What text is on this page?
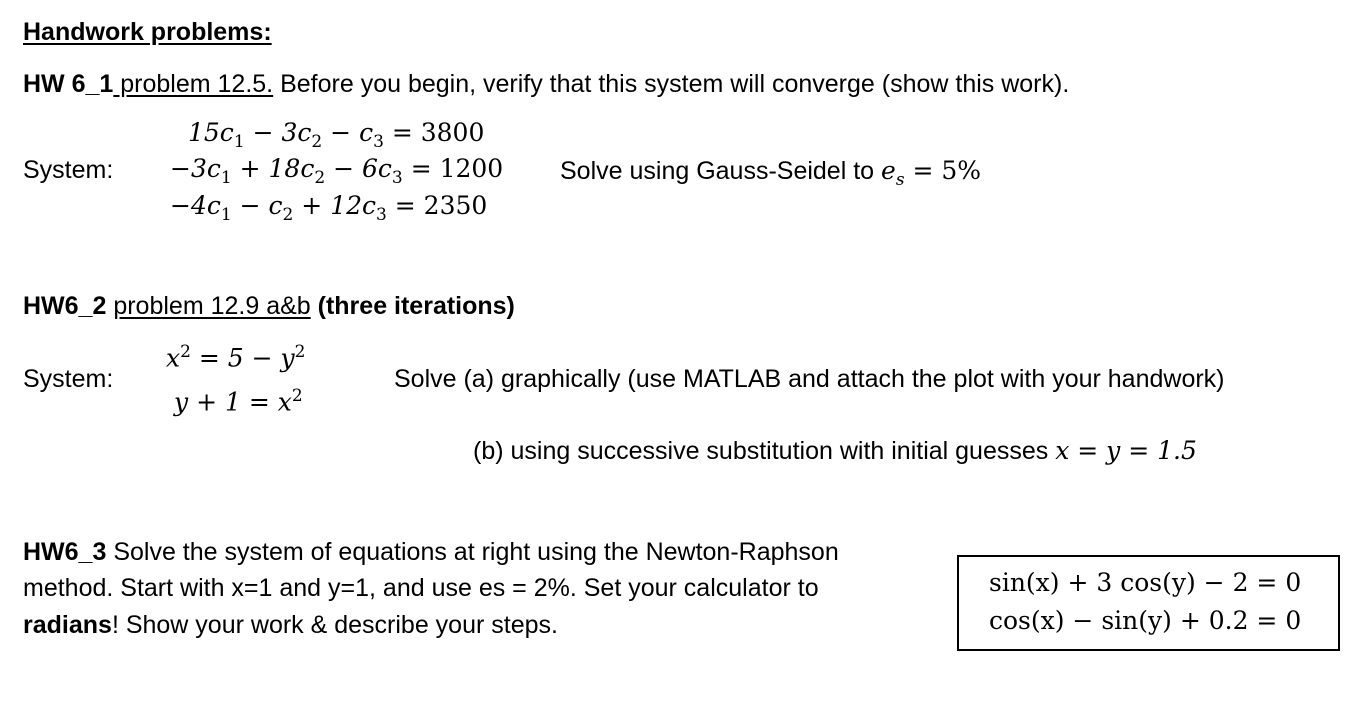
Handwork problems:
HW 6_1 problem 12.5. Before you begin, verify that this system will converge (show this work).
System:
$15c_1 - 3c_2 - c_3 = 3800$
$-3c_1 + 18c_2 - 6c_3 = 1200$
$-4c_1 - c_2 + 12c_3 = 2350$
Solve using Gauss-Seidel to $e_s = 5\%$
HW6_2 problem 12.9 a&b (three iterations)
System:
$x^2 = 5 - y^2$
$y + 1 = x^2$
Solve (a) graphically (use MATLAB and attach the plot with your handwork)
(b) using successive substitution with initial guesses x = y = 1.5
HW6_3 Solve the system of equations at right using the Newton-Raphson
method. Start with x=1 and y=1, and use es = 2%. Set your calculator to
radians! Show your work & describe your steps.
sin(x) + 3 cos(y) − 2 = 0
cos(x) − sin(y) + 0.2 = 0
